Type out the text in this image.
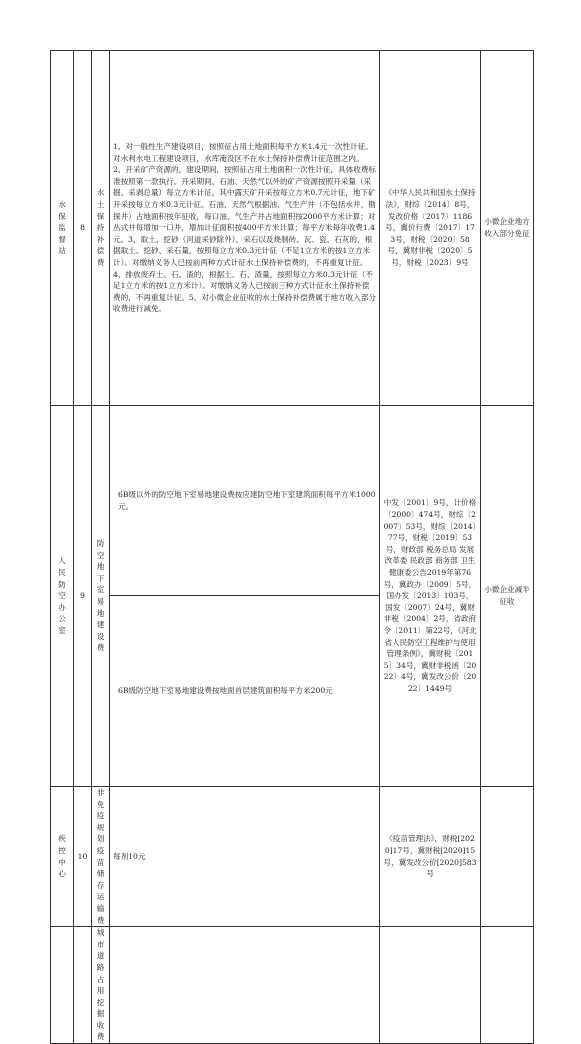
水保监督站	8	水土保持补偿费	1、对一般性生产建设项目，按照征占用土地面积每平方米1.4元一次性计征。对水利水电工程建设项目，水库淹没区不在水土保持补偿费计征范围之内。
2、开采矿产资源的，建设期间，按照征占用土地面积一次性计征，具体收费标准按照第一款执行。开采期间，石油、天然气以外的矿产资源按照开采量（采掘、采剥总量）每立方米计征，其中露天矿开采按每立方米0.7元计征，地下矿开采按每立方米0.3元计征。石油、天然气根据油、气生产井（不包括水井、勘探井）占地面积按年征收，每口油、气生产井占地面积按2000平方米计算；对丛式井每增加一口井，增加计征面积按400平方米计算；每平方米每年收费1.4元。3、取土、挖砂（河道采砂除外）、采石以及烧制砖、瓦、瓷、石灰的，根据取土、挖砂、采石量，按照每立方米0.3元计征（不足1立方米的按1立方米计）。对缴纳义务人已按前两种方式计征水土保持补偿费的，不再重复计征。4、排放废弃土、石、渣的，根据土、石、渣量，按照每立方米0.3元计征（不足1立方米的按1立方米计）。对缴纳义务人已按前三种方式计征水土保持补偿费的，不再重复计征。5、对小微企业征收的水土保持补偿费属于地方收入部分收费进行减免。	《中华人民共和国水土保持法》，财综〔2014〕8号，发改价格〔2017〕1186号，冀价行费〔2017〕173号，财税〔2020〕58号，冀财非税〔2020〕5号，财税〔2023〕9号	小微企业地方收入部分免征

人民防空办公室	9	防空地下室易地建设费	6B级以外的防空地下室易地建设费按应建防空地下室建筑面积每平方米1000元。	中发〔2001〕9号，计价格〔2000〕474号，财综〔2007〕53号，财综〔2014〕77号，财税〔2019〕53号，财政部 税务总局 发展改革委 民政部 商务部 卫生健康委公告2019年第76号，冀政办〔2009〕5号，国办发〔2013〕103号，国发〔2007〕24号，冀财非税〔2004〕2号，省政府令〔2011〕第22号，《河北省人民防空工程维护与使用管理条例》，冀财税〔2015〕34号，冀财非税函〔2022〕4号，冀发改公价〔2022〕1449号	小微企业减半征收
			6B级防空地下室易地建设费按地面首层建筑面积每平方米200元		

疾控中心	10	非免疫规划疫苗储存运输费	每剂10元	《疫苗管理法》，财税[2020]17号，冀财税[2020]15号，冀发改公价[2020]583号	

		城市道路占用挖掘收费			
